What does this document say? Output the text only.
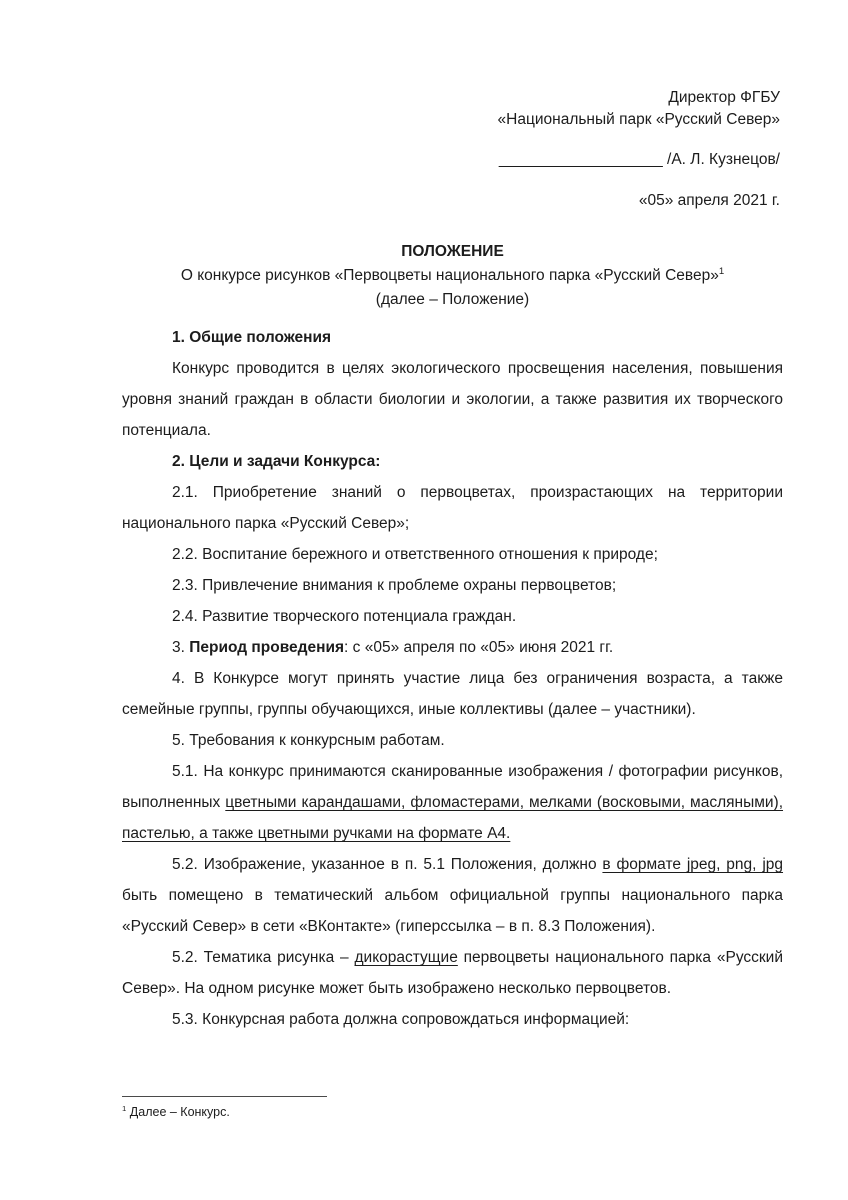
Директор ФГБУ
«Национальный парк «Русский Север»
___________________ /А. Л. Кузнецов/
«05» апреля 2021 г.
ПОЛОЖЕНИЕ
О конкурсе рисунков «Первоцветы национального парка «Русский Север»$^1$
(далее – Положение)
1. Общие положения
Конкурс проводится в целях экологического просвещения населения, повышения
уровня знаний граждан в области биологии и экологии, а также развития их творческого
потенциала.
2. Цели и задачи Конкурса:
2.1. Приобретение знаний о первоцветах, произрастающих на территории
национального парка «Русский Север»;
2.2. Воспитание бережного и ответственного отношения к природе;
2.3. Привлечение внимания к проблеме охраны первоцветов;
2.4. Развитие творческого потенциала граждан.
3. Период проведения: с «05» апреля по «05» июня 2021 гг.
4. В Конкурсе могут принять участие лица без ограничения возраста, а также
семейные группы, группы обучающихся, иные коллективы (далее – участники).
5. Требования к конкурсным работам.
5.1. На конкурс принимаются сканированные изображения / фотографии рисунков,
выполненных цветными карандашами, фломастерами, мелками (восковыми, масляными),
пастелью, а также цветными ручками на формате А4.
5.2. Изображение, указанное в п. 5.1 Положения, должно в формате jpeg, png, jpg
быть помещено в тематический альбом официальной группы национального парка
«Русский Север» в сети «ВКонтакте» (гиперссылка – в п. 8.3 Положения).
5.2. Тематика рисунка – дикорастущие первоцветы национального парка «Русский
Север». На одном рисунке может быть изображено несколько первоцветов.
5.3. Конкурсная работа должна сопровождаться информацией:
$^1$ Далее – Конкурс.
